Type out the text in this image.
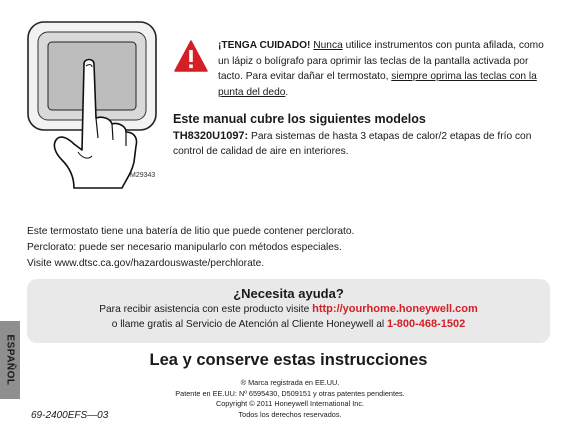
M29343
¡TENGA CUIDADO! Nunca utilice instrumentos con punta afilada, como un lápiz o bolígrafo para oprimir las teclas de la pantalla activada por tacto. Para evitar dañar el termostato, siempre oprima las teclas con la punta del dedo.
Este manual cubre los siguientes modelos
TH8320U1097: Para sistemas de hasta 3 etapas de calor/2 etapas de frío con control de calidad de aire en interiores.
Este termostato tiene una batería de litio que puede contener perclorato.
Perclorato: puede ser necesario manipularlo con métodos especiales.
Visite www.dtsc.ca.gov/hazardouswaste/perchlorate.
¿Necesita ayuda?
Para recibir asistencia con este producto visite http://yourhome.honeywell.com
o llame gratis al Servicio de Atención al Cliente Honeywell al 1-800-468-1502
ESPAÑOL	Lea y conserve estas instrucciones
® Marca registrada en EE.UU.
Patente en EE.UU: Nº 6595430, D509151 y otras patentes pendientes.
Copyright © 2011 Honeywell International Inc.
Todos los derechos reservados.
69-2400EFS—03
